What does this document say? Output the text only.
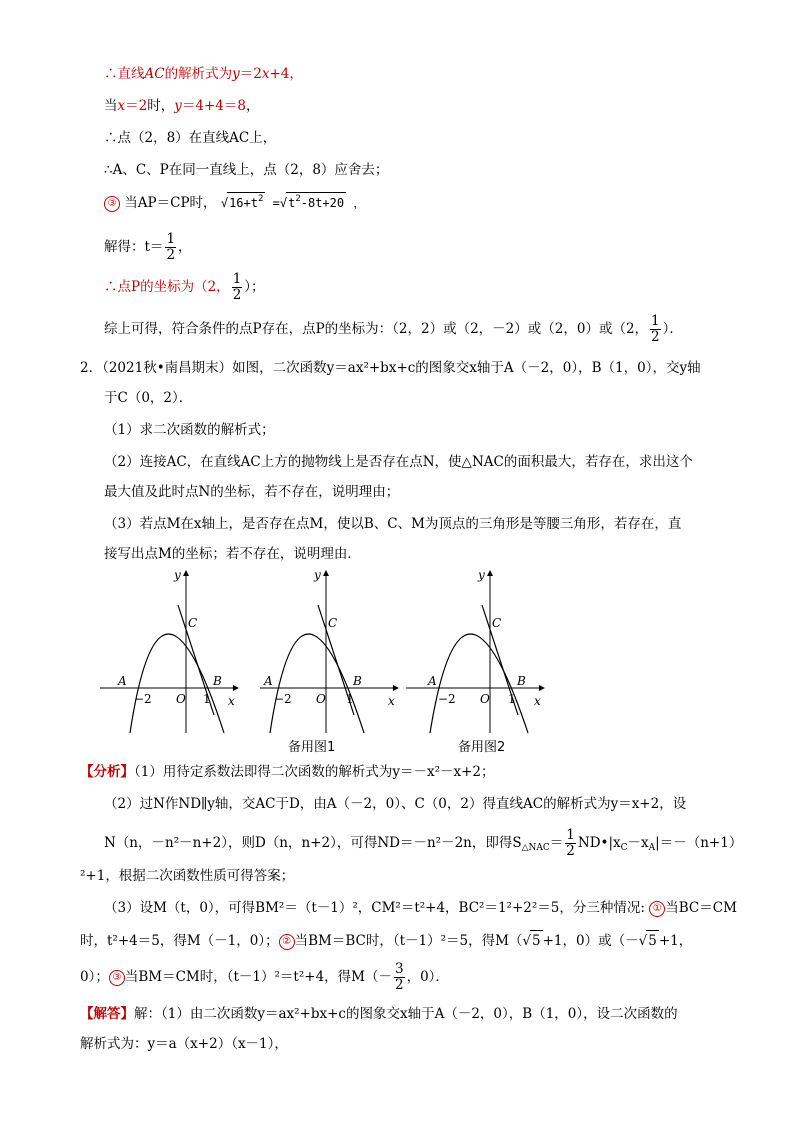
∴直线AC的解析式为y＝2x+4，
当x＝2时，y＝4+4＝8，
∴点（2，8）在直线AC上，
∴A、C、P在同一直线上，点（2，8）应舍去；
③ 当AP＝CP时， $√16+t^2 =√t^2-8t+20$ ，
解得：$t= \frac{1}{2}$ ，
∴点P的坐标为（2， $\frac{1}{2}$ ）；
综上可得，符合条件的点P存在，点P的坐标为：（2，2）或（2，－2）或（2，0）或（2， $\frac{1}{2}$ ）．
2．（2021秋•南昌期末）如图，二次函数y＝ax²+bx+c的图象交x轴于A（－2，0），B（1，0），交y轴
于C（0，2）．
（1）求二次函数的解析式；
（2）连接AC，在直线AC上方的抛物线上是否存在点N，使△NAC的面积最大，若存在，求出这个
最大值及此时点N的坐标，若不存在，说明理由；
（3）若点M在x轴上，是否存在点M，使以B、C、M为顶点的三角形是等腰三角形，若存在，直
接写出点M的坐标；若不存在，说明理由．
y
x
A	B
C
O
−2	1
y
x
A	B
C
O
−2	1
y
x
A	B
C
O
−2	1
备用图1	备用图2
【分析】（1）用待定系数法即得二次函数的解析式为y＝－x²－x+2；
（2）过N作ND∥y轴，交AC于D，由A（－2，0）、C（0，2）得直线AC的解析式为y＝x+2，设
N（n，－n²－n+2），则D（n，n+2），可得ND＝－n²－2n，即得$S_{\triangle NAC}= \frac{1}{2}$ $ND•|x_C-x_A|=-(n+1)$
²+1，根据二次函数性质可得答案；
（3）设M（t，0），可得BM²＝（t－1）²，CM²＝t²+4，BC²＝1²+2²＝5，分三种情况: ① 当BC＝CM
时，t²+4＝5，得M（－1，0）； ② 当BM＝BC时，（t－1）²＝5，得M（√5 +1，0）或（－√5 +1，
0）； ③ 当BM＝CM时，（t－1）²＝t²+4，得$M(- \frac{3}{2}$ ，0）．
【解答】解：（1）由二次函数y＝ax²+bx+c的图象交x轴于A（－2，0），B（1，0），设二次函数的
解析式为：y＝a（x+2）（x－1），
